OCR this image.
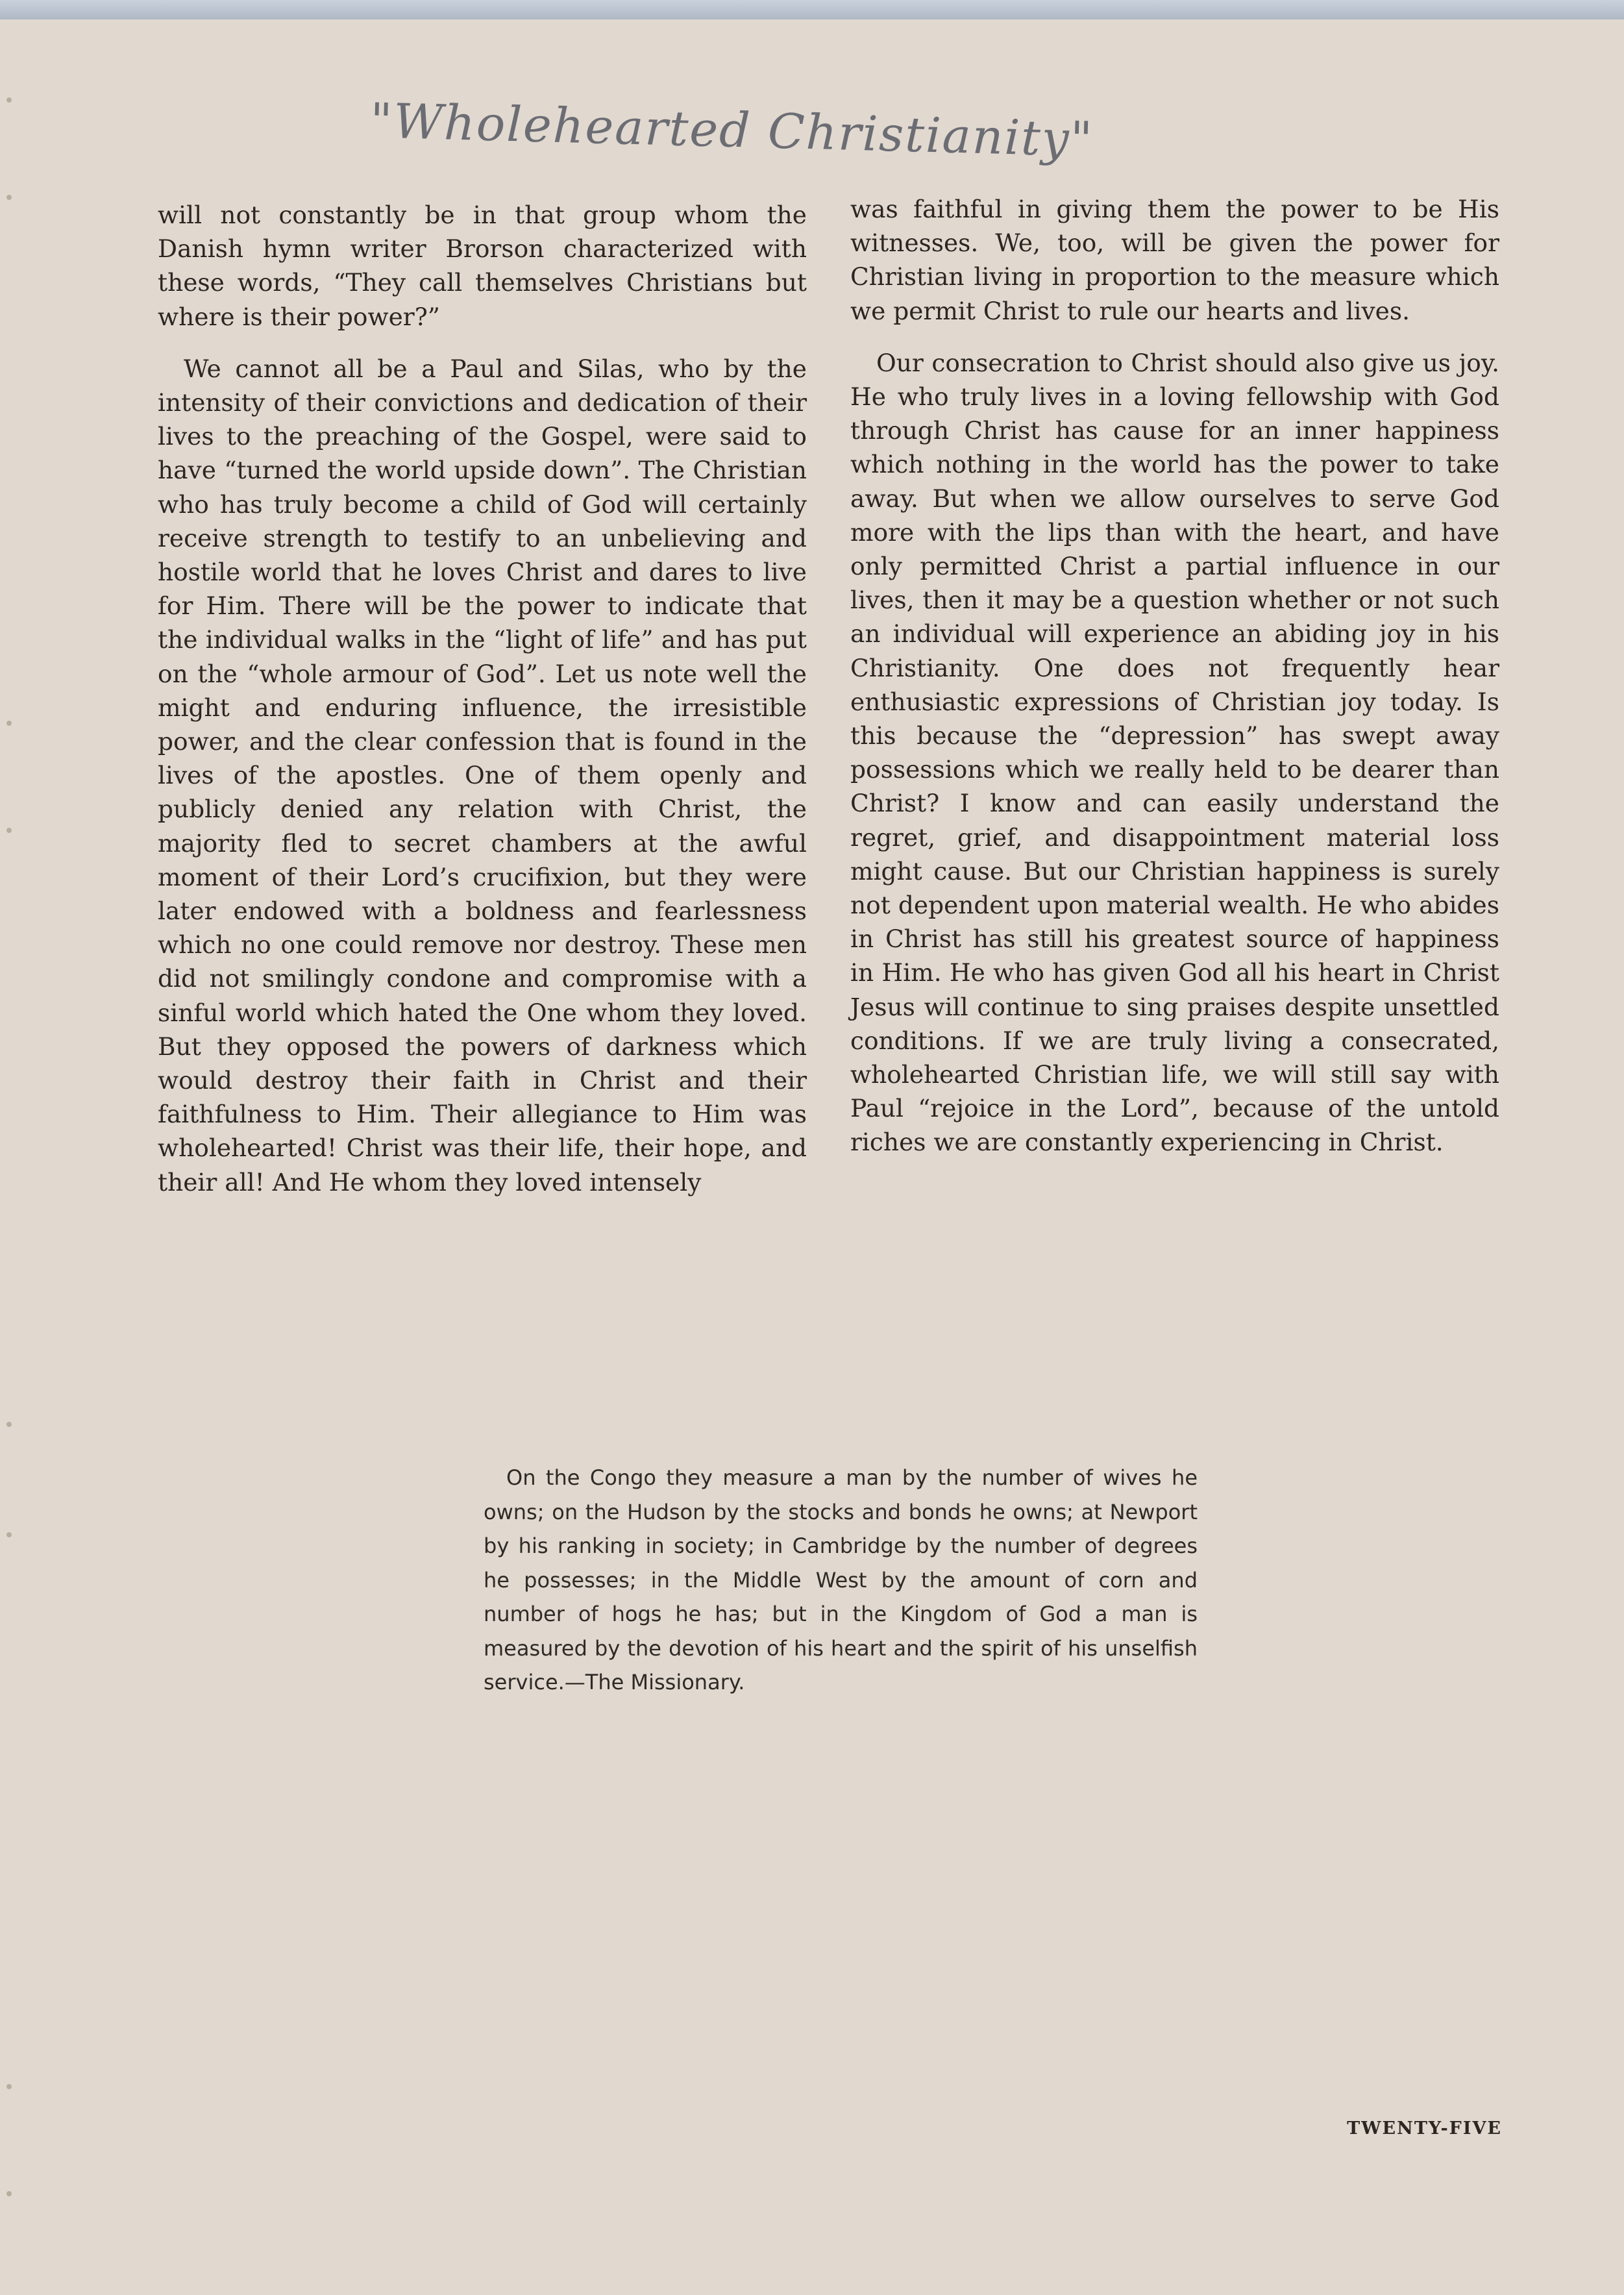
"Wholehearted Christianity"

will not constantly be in that group whom the Danish hymn writer Brorson characterized with these words, “They call themselves Christians but where is their power?”

We cannot all be a Paul and Silas, who by the intensity of their convictions and dedication of their lives to the preaching of the Gospel, were said to have “turned the world upside down”. The Christian who has truly become a child of God will certainly receive strength to testify to an unbelieving and hostile world that he loves Christ and dares to live for Him. There will be the power to indicate that the individual walks in the “light of life” and has put on the “whole armour of God”. Let us note well the might and enduring influence, the irresistible power, and the clear confession that is found in the lives of the apostles. One of them openly and publicly denied any relation with Christ, the majority fled to secret chambers at the awful moment of their Lord’s crucifixion, but they were later endowed with a boldness and fearlessness which no one could remove nor destroy. These men did not smilingly condone and compromise with a sinful world which hated the One whom they loved. But they opposed the powers of darkness which would destroy their faith in Christ and their faithfulness to Him. Their allegiance to Him was wholehearted! Christ was their life, their hope, and their all! And He whom they loved intensely

was faithful in giving them the power to be His witnesses. We, too, will be given the power for Christian living in proportion to the measure which we permit Christ to rule our hearts and lives.

Our consecration to Christ should also give us joy. He who truly lives in a loving fellowship with God through Christ has cause for an inner happiness which nothing in the world has the power to take away. But when we allow ourselves to serve God more with the lips than with the heart, and have only permitted Christ a partial influence in our lives, then it may be a question whether or not such an individual will experience an abiding joy in his Christianity. One does not frequently hear enthusiastic expressions of Christian joy today. Is this because the “depression” has swept away possessions which we really held to be dearer than Christ? I know and can easily understand the regret, grief, and disappointment material loss might cause. But our Christian happiness is surely not dependent upon material wealth. He who abides in Christ has still his greatest source of happiness in Him. He who has given God all his heart in Christ Jesus will continue to sing praises despite unsettled conditions. If we are truly living a consecrated, wholehearted Christian life, we will still say with Paul “rejoice in the Lord”, because of the untold riches we are constantly experiencing in Christ.

On the Congo they measure a man by the number of wives he owns; on the Hudson by the stocks and bonds he owns; at Newport by his ranking in society; in Cambridge by the number of degrees he possesses; in the Middle West by the amount of corn and number of hogs he has; but in the Kingdom of God a man is measured by the devotion of his heart and the spirit of his unselfish service.—The Missionary.

TWENTY-FIVE
